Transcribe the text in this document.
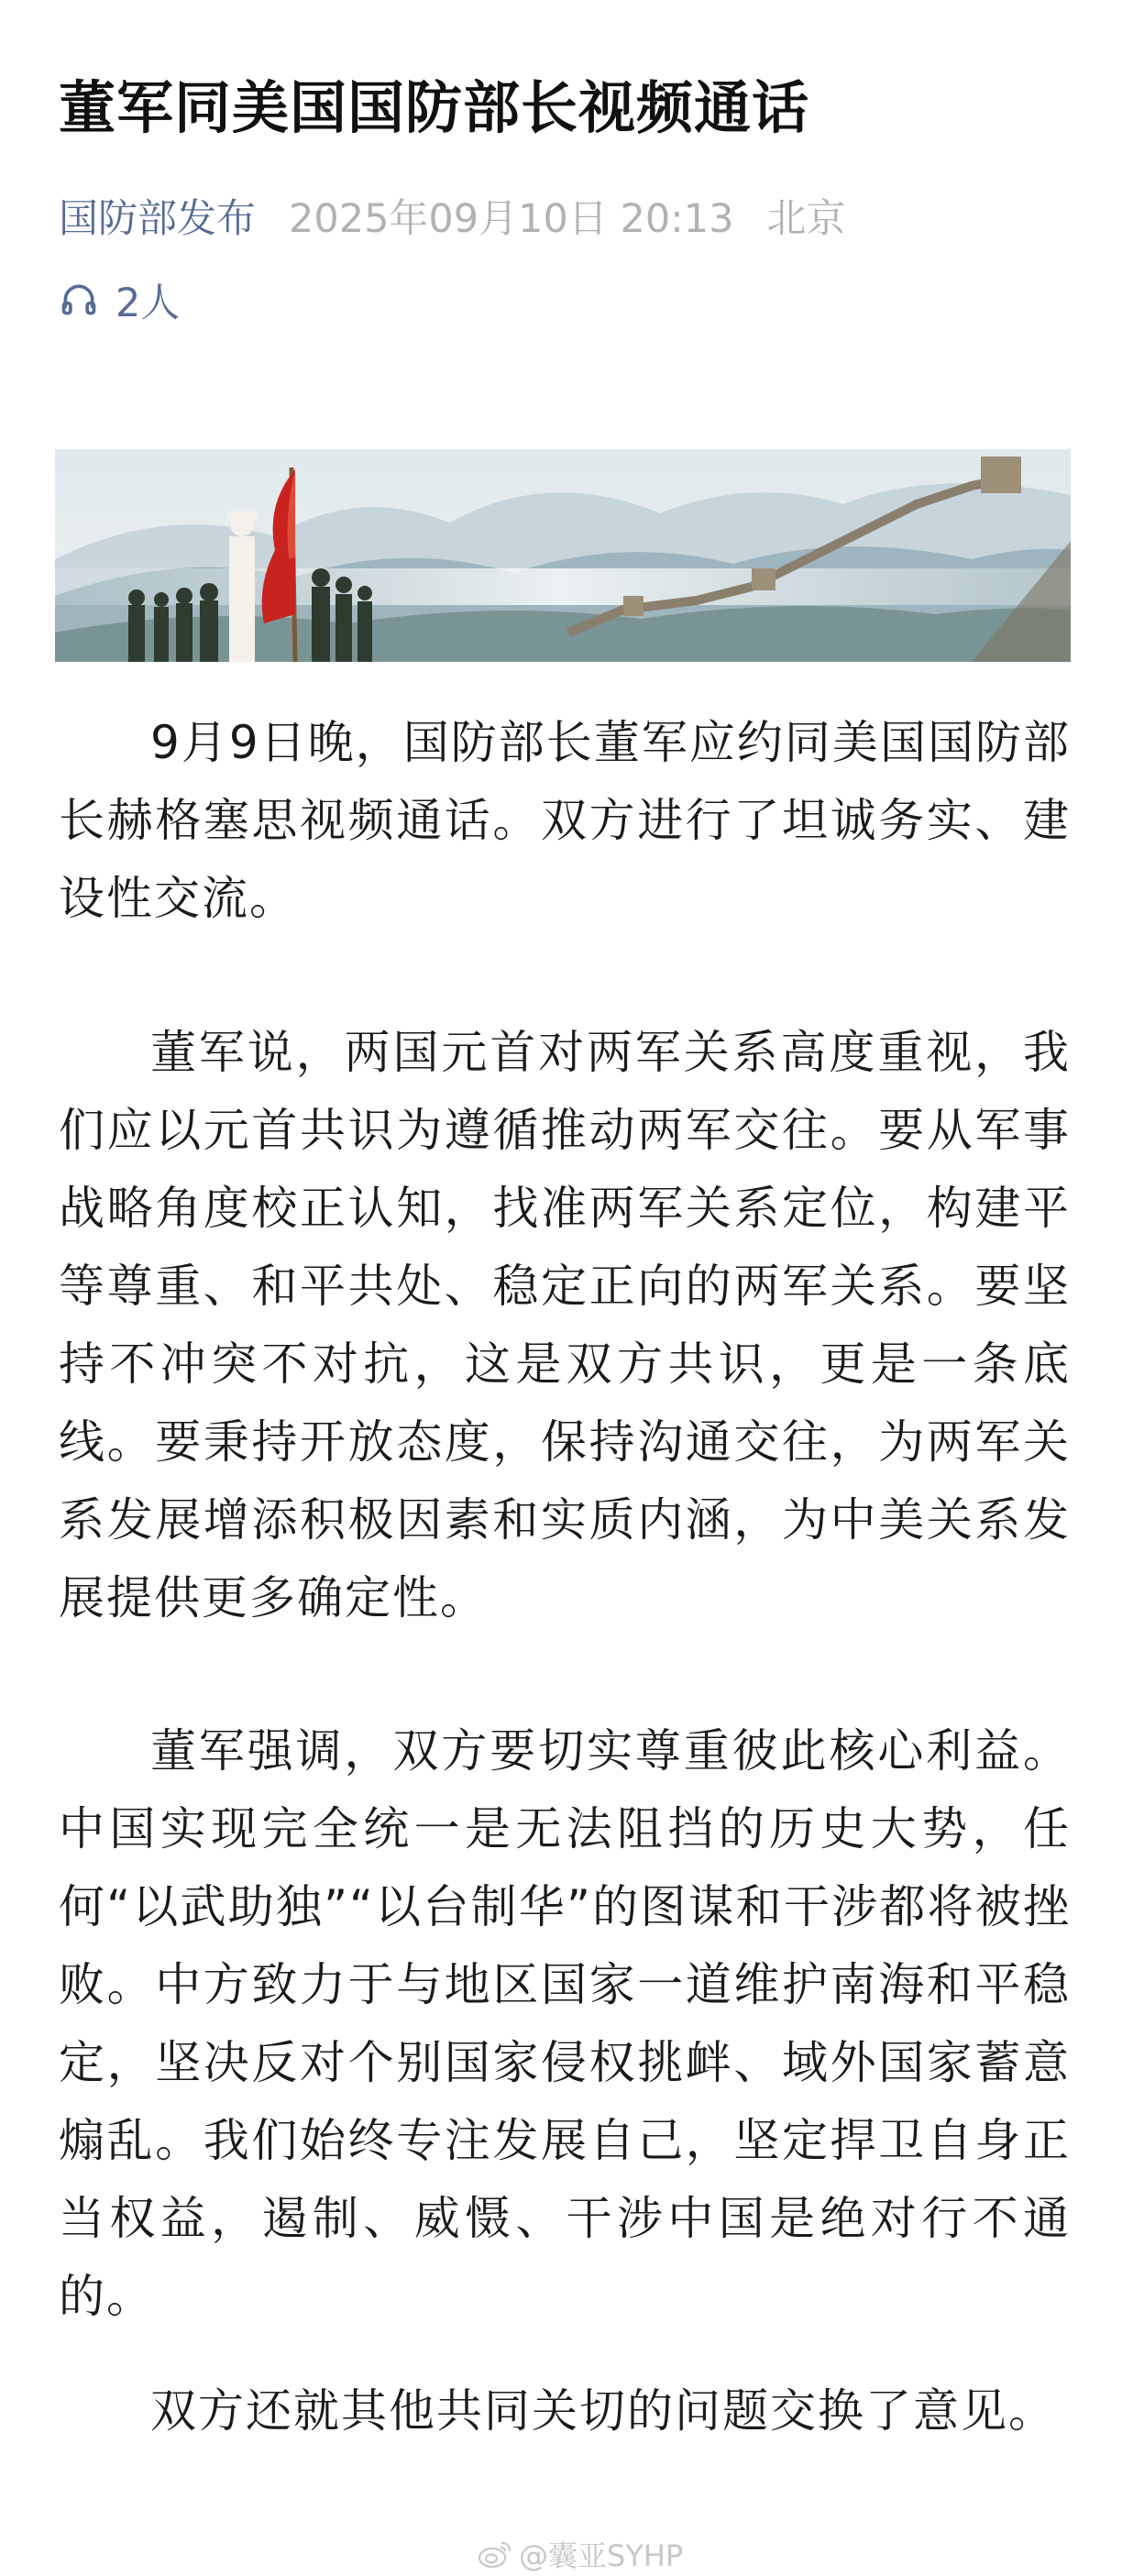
董军同美国国防部长视频通话
国防部发布 2025年09月10日 20:13 北京
2人

9月9日晚，国防部长董军应约同美国国防部长赫格塞思视频通话。双方进行了坦诚务实、建设性交流。

董军说，两国元首对两军关系高度重视，我们应以元首共识为遵循推动两军交往。要从军事战略角度校正认知，找准两军关系定位，构建平等尊重、和平共处、稳定正向的两军关系。要坚持不冲突不对抗，这是双方共识，更是一条底线。要秉持开放态度，保持沟通交往，为两军关系发展增添积极因素和实质内涵，为中美关系发展提供更多确定性。

董军强调，双方要切实尊重彼此核心利益。中国实现完全统一是无法阻挡的历史大势，任何“以武助独”“以台制华”的图谋和干涉都将被挫败。中方致力于与地区国家一道维护南海和平稳定，坚决反对个别国家侵权挑衅、域外国家蓄意煽乱。我们始终专注发展自己，坚定捍卫自身正当权益，遏制、威慑、干涉中国是绝对行不通的。

双方还就其他共同关切的问题交换了意见。

@囊亚SYHP
